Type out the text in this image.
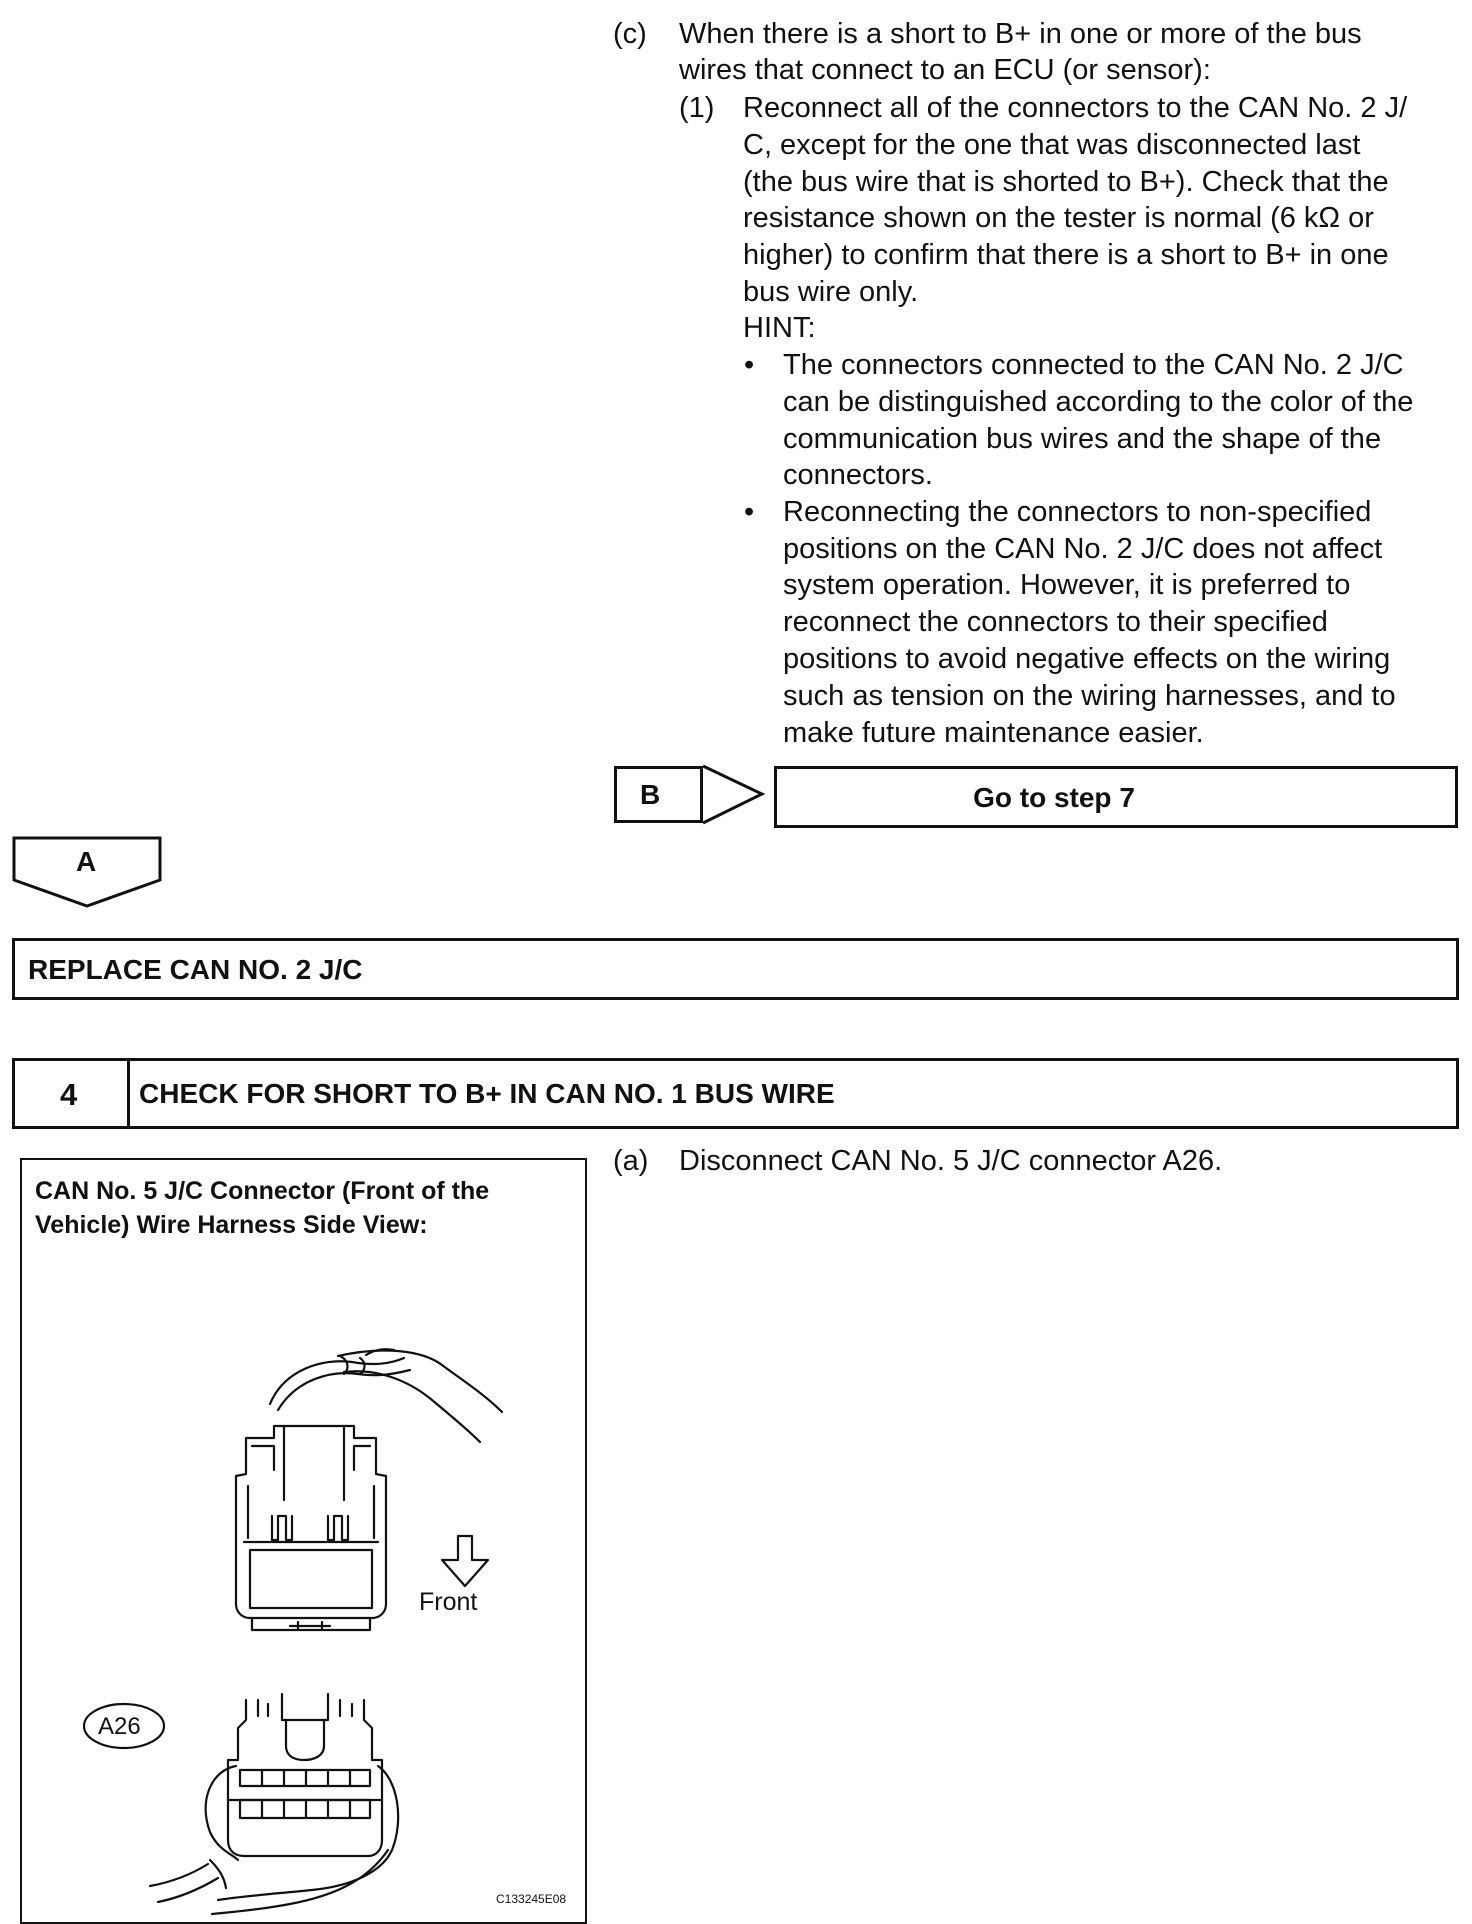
(c) When there is a short to B+ in one or more of the bus
wires that connect to an ECU (or sensor):
(1) Reconnect all of the connectors to the CAN No. 2 J/
C, except for the one that was disconnected last
(the bus wire that is shorted to B+). Check that the
resistance shown on the tester is normal (6 kΩ or
higher) to confirm that there is a short to B+ in one
bus wire only.
HINT:
• The connectors connected to the CAN No. 2 J/C
can be distinguished according to the color of the
communication bus wires and the shape of the
connectors.
• Reconnecting the connectors to non-specified
positions on the CAN No. 2 J/C does not affect
system operation. However, it is preferred to
reconnect the connectors to their specified
positions to avoid negative effects on the wiring
such as tension on the wiring harnesses, and to
make future maintenance easier.
B	Go to step 7
A
REPLACE CAN NO. 2 J/C
4 CHECK FOR SHORT TO B+ IN CAN NO. 1 BUS WIRE
(a) Disconnect CAN No. 5 J/C connector A26.
CAN No. 5 J/C Connector (Front of the
Vehicle) Wire Harness Side View:
Front
A26
C133245E08
